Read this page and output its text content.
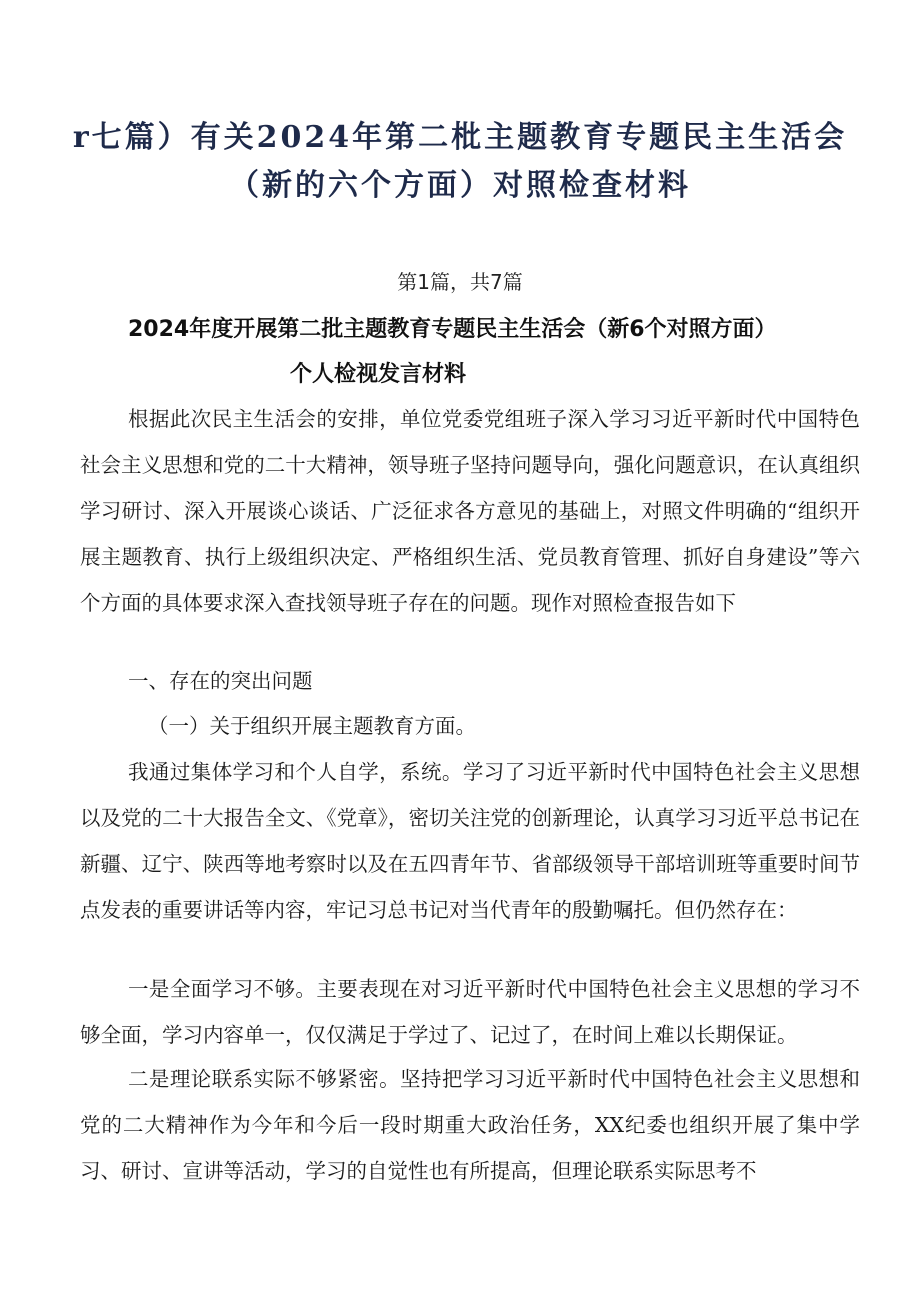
r七篇）有关2024年第二枇主题教育专题民主生活会
（新的六个方面）对照检查材料

第1篇，共7篇

2024年度开展第二批主题教育专题民主生活会（新6个对照方面）
个人检视发言材料

根据此次民主生活会的安排，单位党委党组班子深入学习习近平新时代中国特色社会主义思想和党的二十大精神，领导班子坚持问题导向，强化问题意识，在认真组织学习研讨、深入开展谈心谈话、广泛征求各方意见的基础上，对照文件明确的“组织开展主题教育、执行上级组织决定、严格组织生活、党员教育管理、抓好自身建设”等六个方面的具体要求深入查找领导班子存在的问题。现作对照检查报告如下

一、存在的突出问题

（一）关于组织开展主题教育方面。

我通过集体学习和个人自学，系统。学习了习近平新时代中国特色社会主义思想以及党的二十大报告全文、《党章》，密切关注党的创新理论，认真学习习近平总书记在新疆、辽宁、陕西等地考察时以及在五四青年节、省部级领导干部培训班等重要时间节点发表的重要讲话等内容，牢记习总书记对当代青年的殷勤嘱托。但仍然存在：

一是全面学习不够。主要表现在对习近平新时代中国特色社会主义思想的学习不够全面，学习内容单一，仅仅满足于学过了、记过了，在时间上难以长期保证。

二是理论联系实际不够紧密。坚持把学习习近平新时代中国特色社会主义思想和党的二大精神作为今年和今后一段时期重大政治任务，XX纪委也组织开展了集中学习、研讨、宣讲等活动，学习的自觉性也有所提高，但理论联系实际思考不
